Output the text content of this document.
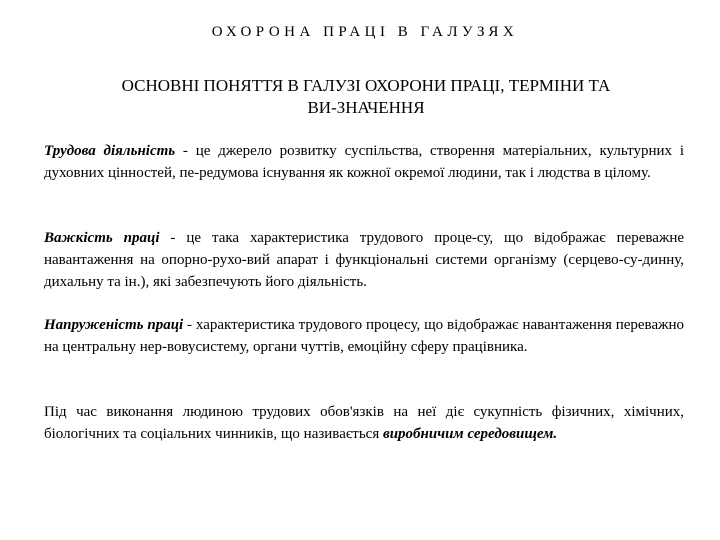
ОХОРОНА ПРАЦІ В ГАЛУЗЯХ
ОСНОВНІ ПОНЯТТЯ В ГАЛУЗІ ОХОРОНИ ПРАЦІ, ТЕРМІНИ ТА
ВИ-ЗНАЧЕННЯ

Трудова діяльність - це джерело розвитку суспільства, створення матеріальних, культурних і духовних цінностей, пе-редумова існування як кожної окремої людини, так і людства в цілому.

Важкість праці - це така характеристика трудового проце-су, що відображає переважне навантаження на опорно-рухо-вий апарат і функціональні системи організму (серцево-су-динну, дихальну та ін.), які забезпечують його діяльність.

Напруженість праці - характеристика трудового процесу, що відображає навантаження переважно на центральну нер-вовусистему, органи чуттів, емоційну сферу працівника.

Під час виконання людиною трудових обов'язків на неї діє сукупність фізичних, хімічних, біологічних та соціальних чинників, що називається виробничим середовищем.
